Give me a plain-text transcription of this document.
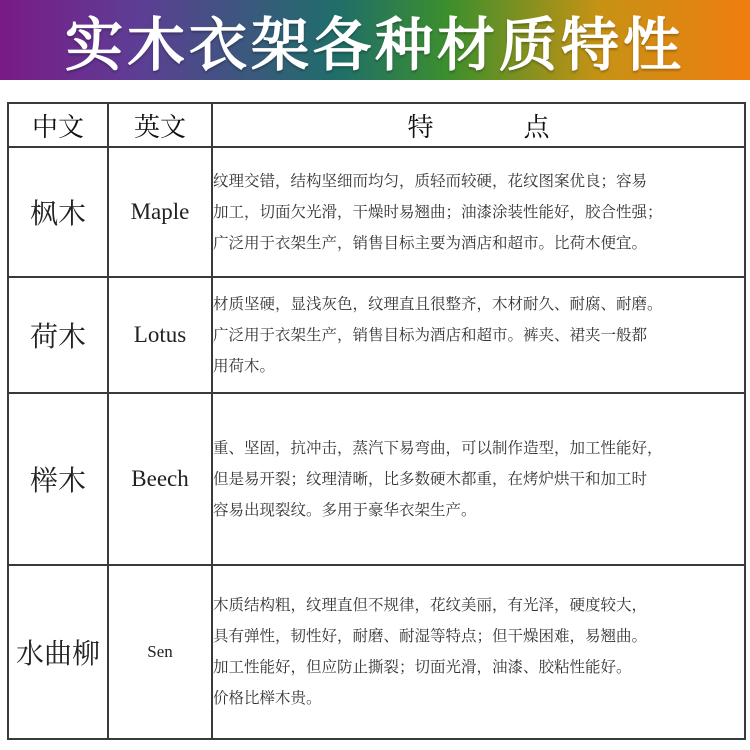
实木衣架各种材质特性
中文	英文	特 点
枫木	Maple	纹理交错，结构坚细而均匀，质轻而较硬，花纹图案优良；容易
加工，切面欠光滑，干燥时易翘曲；油漆涂装性能好，胶合性强；
广泛用于衣架生产，销售目标主要为酒店和超市。比荷木便宜。

荷木	Lotus	材质坚硬，显浅灰色，纹理直且很整齐，木材耐久、耐腐、耐磨。
广泛用于衣架生产，销售目标为酒店和超市。裤夹、裙夹一般都
用荷木。

榉木	Beech	重、坚固，抗冲击，蒸汽下易弯曲，可以制作造型，加工性能好，
但是易开裂；纹理清晰，比多数硬木都重，在烤炉烘干和加工时
容易出现裂纹。多用于豪华衣架生产。

水曲柳	Sen	木质结构粗，纹理直但不规律，花纹美丽，有光泽，硬度较大，
具有弹性，韧性好，耐磨、耐湿等特点；但干燥困难，易翘曲。
加工性能好，但应防止撕裂；切面光滑，油漆、胶粘性能好。
价格比榉木贵。
